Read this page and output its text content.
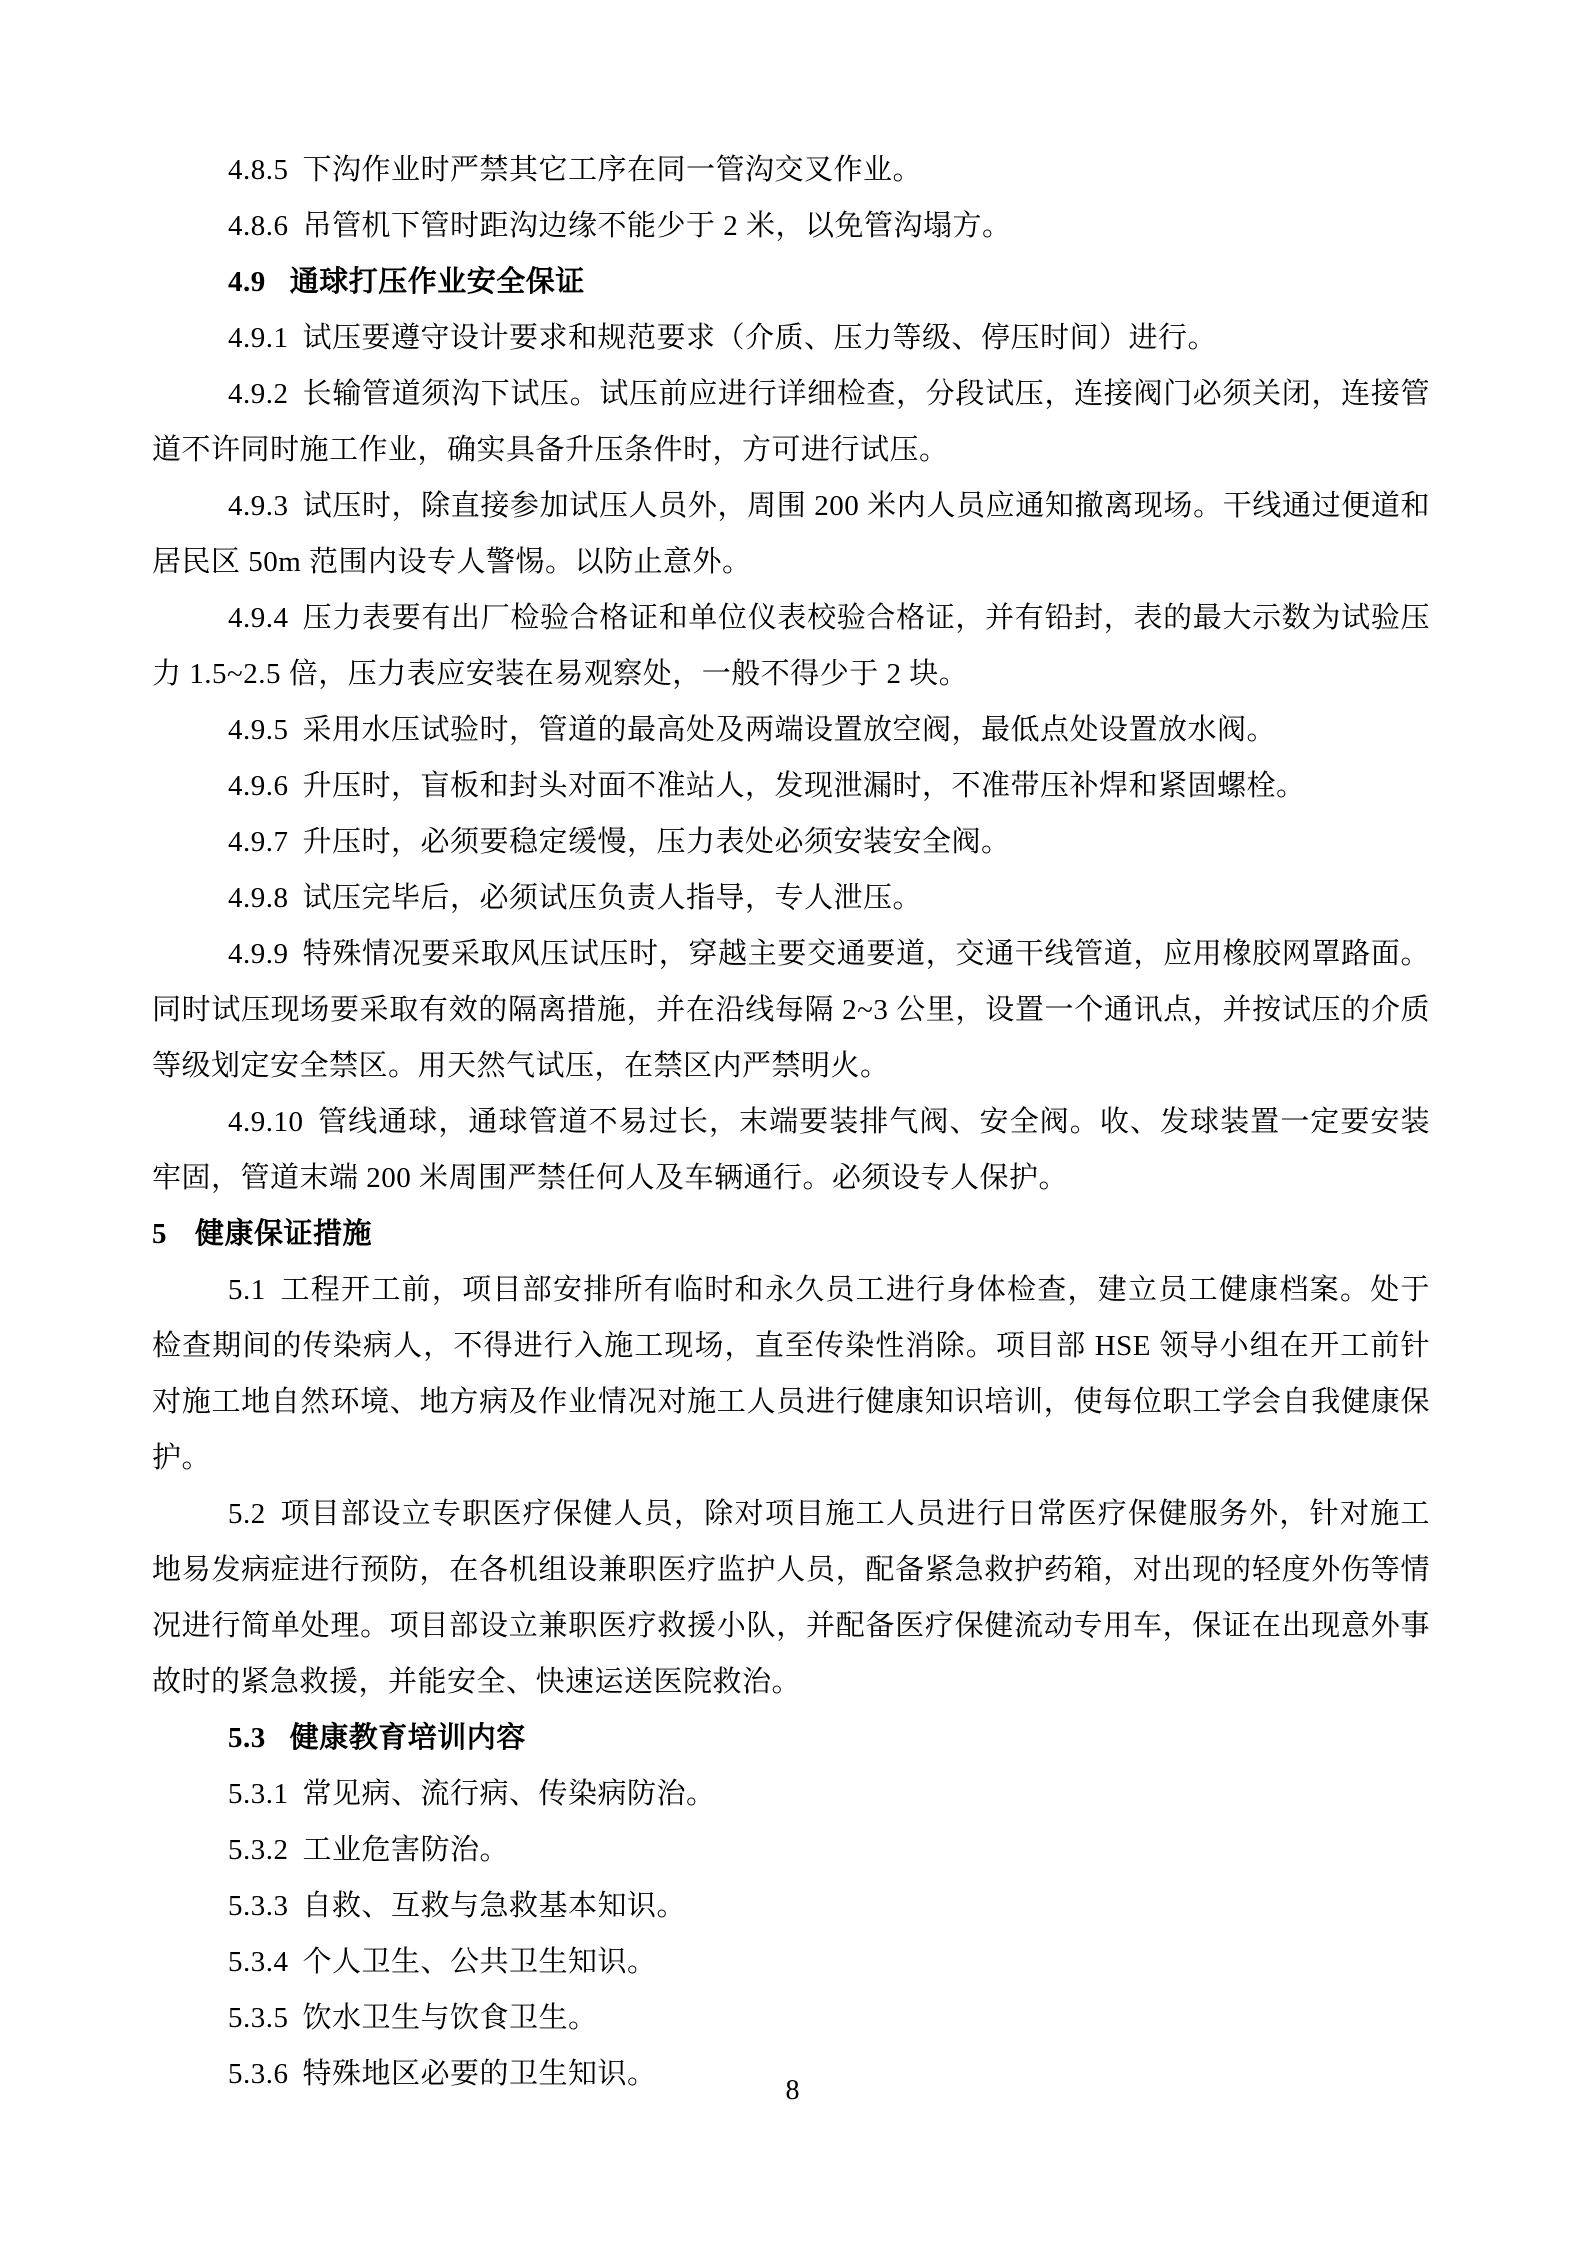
4.8.5 下沟作业时严禁其它工序在同一管沟交叉作业。

4.8.6 吊管机下管时距沟边缘不能少于 2 米，以免管沟塌方。

4.9 通球打压作业安全保证

4.9.1 试压要遵守设计要求和规范要求（介质、压力等级、停压时间）进行。

4.9.2 长输管道须沟下试压。试压前应进行详细检查，分段试压，连接阀门必须关闭，连接管道不许同时施工作业，确实具备升压条件时，方可进行试压。

4.9.3 试压时，除直接参加试压人员外，周围 200 米内人员应通知撤离现场。干线通过便道和居民区 50m 范围内设专人警惕。以防止意外。

4.9.4 压力表要有出厂检验合格证和单位仪表校验合格证，并有铅封，表的最大示数为试验压力 1.5~2.5 倍，压力表应安装在易观察处，一般不得少于 2 块。

4.9.5 采用水压试验时，管道的最高处及两端设置放空阀，最低点处设置放水阀。

4.9.6 升压时，盲板和封头对面不准站人，发现泄漏时，不准带压补焊和紧固螺栓。

4.9.7 升压时，必须要稳定缓慢，压力表处必须安装安全阀。

4.9.8 试压完毕后，必须试压负责人指导，专人泄压。

4.9.9 特殊情况要采取风压试压时，穿越主要交通要道，交通干线管道，应用橡胶网罩路面。同时试压现场要采取有效的隔离措施，并在沿线每隔 2~3 公里，设置一个通讯点，并按试压的介质等级划定安全禁区。用天然气试压，在禁区内严禁明火。

4.9.10 管线通球，通球管道不易过长，末端要装排气阀、安全阀。收、发球装置一定要安装牢固，管道末端 200 米周围严禁任何人及车辆通行。必须设专人保护。

5 健康保证措施

5.1 工程开工前，项目部安排所有临时和永久员工进行身体检查，建立员工健康档案。处于检查期间的传染病人，不得进行入施工现场，直至传染性消除。项目部 HSE 领导小组在开工前针对施工地自然环境、地方病及作业情况对施工人员进行健康知识培训，使每位职工学会自我健康保护。

5.2 项目部设立专职医疗保健人员，除对项目施工人员进行日常医疗保健服务外，针对施工地易发病症进行预防，在各机组设兼职医疗监护人员，配备紧急救护药箱，对出现的轻度外伤等情况进行简单处理。项目部设立兼职医疗救援小队，并配备医疗保健流动专用车，保证在出现意外事故时的紧急救援，并能安全、快速运送医院救治。

5.3 健康教育培训内容

5.3.1 常见病、流行病、传染病防治。

5.3.2 工业危害防治。

5.3.3 自救、互救与急救基本知识。

5.3.4 个人卫生、公共卫生知识。

5.3.5 饮水卫生与饮食卫生。

5.3.6 特殊地区必要的卫生知识。

8
